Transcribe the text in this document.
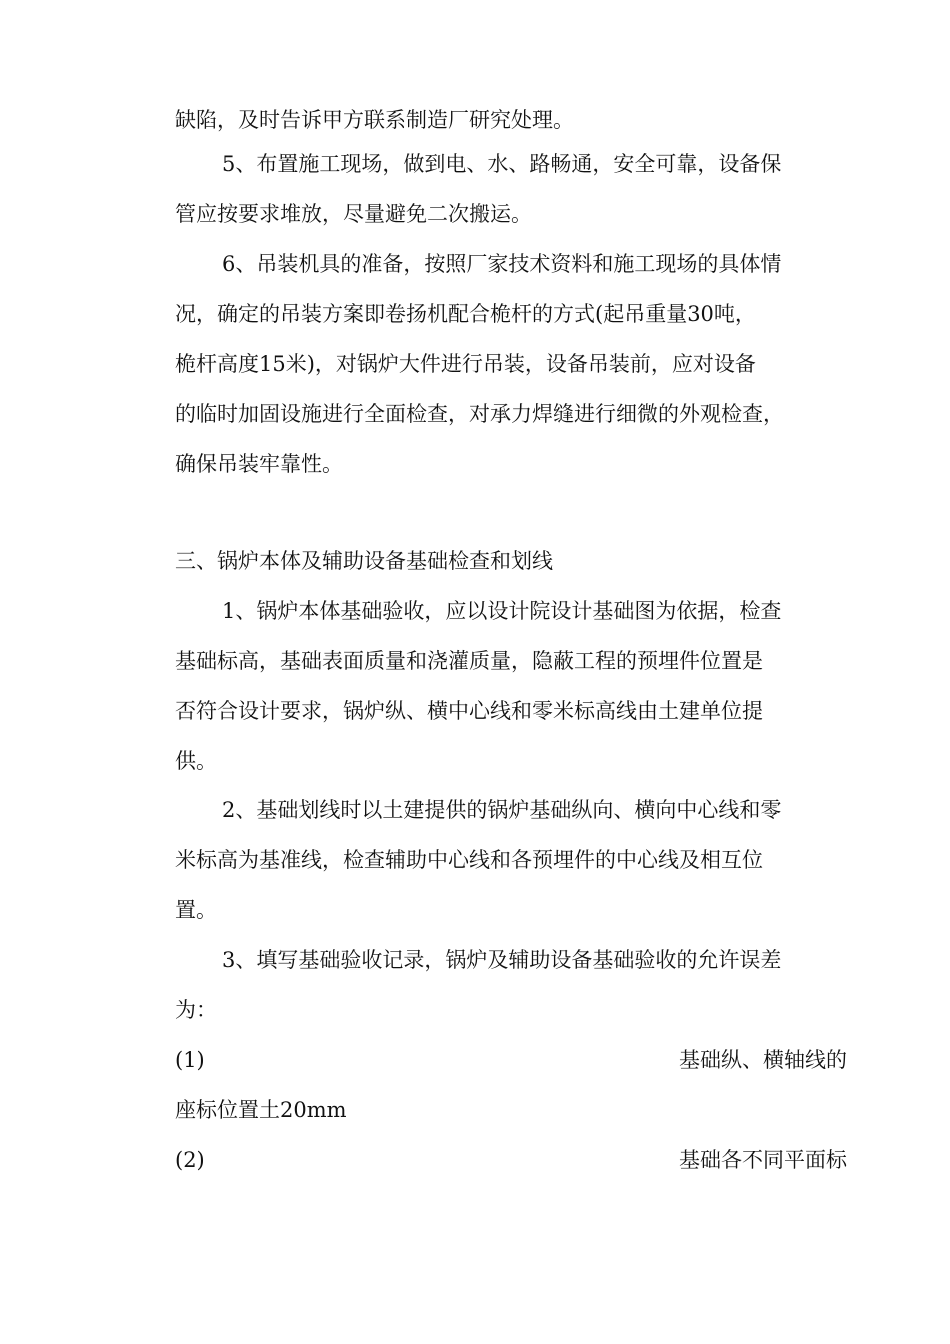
缺陷，及时告诉甲方联系制造厂研究处理。
5、布置施工现场，做到电、水、路畅通，安全可靠，设备保
管应按要求堆放，尽量避免二次搬运。
6、吊装机具的准备，按照厂家技术资料和施工现场的具体情
况，确定的吊装方案即卷扬机配合桅杆的方式(起吊重量30吨，
桅杆高度15米)，对锅炉大件进行吊装，设备吊装前，应对设备
的临时加固设施进行全面检查，对承力焊缝进行细微的外观检查，
确保吊装牢靠性。
三、锅炉本体及辅助设备基础检查和划线
1、锅炉本体基础验收，应以设计院设计基础图为依据，检查
基础标高，基础表面质量和浇灌质量，隐蔽工程的预埋件位置是
否符合设计要求，锅炉纵、横中心线和零米标高线由土建单位提
供。
2、基础划线时以土建提供的锅炉基础纵向、横向中心线和零
米标高为基准线，检查辅助中心线和各预埋件的中心线及相互位
置。
3、填写基础验收记录，锅炉及辅助设备基础验收的允许误差
为：
(1)	基础纵、横轴线的
座标位置土20mm
(2)	基础各不同平面标
